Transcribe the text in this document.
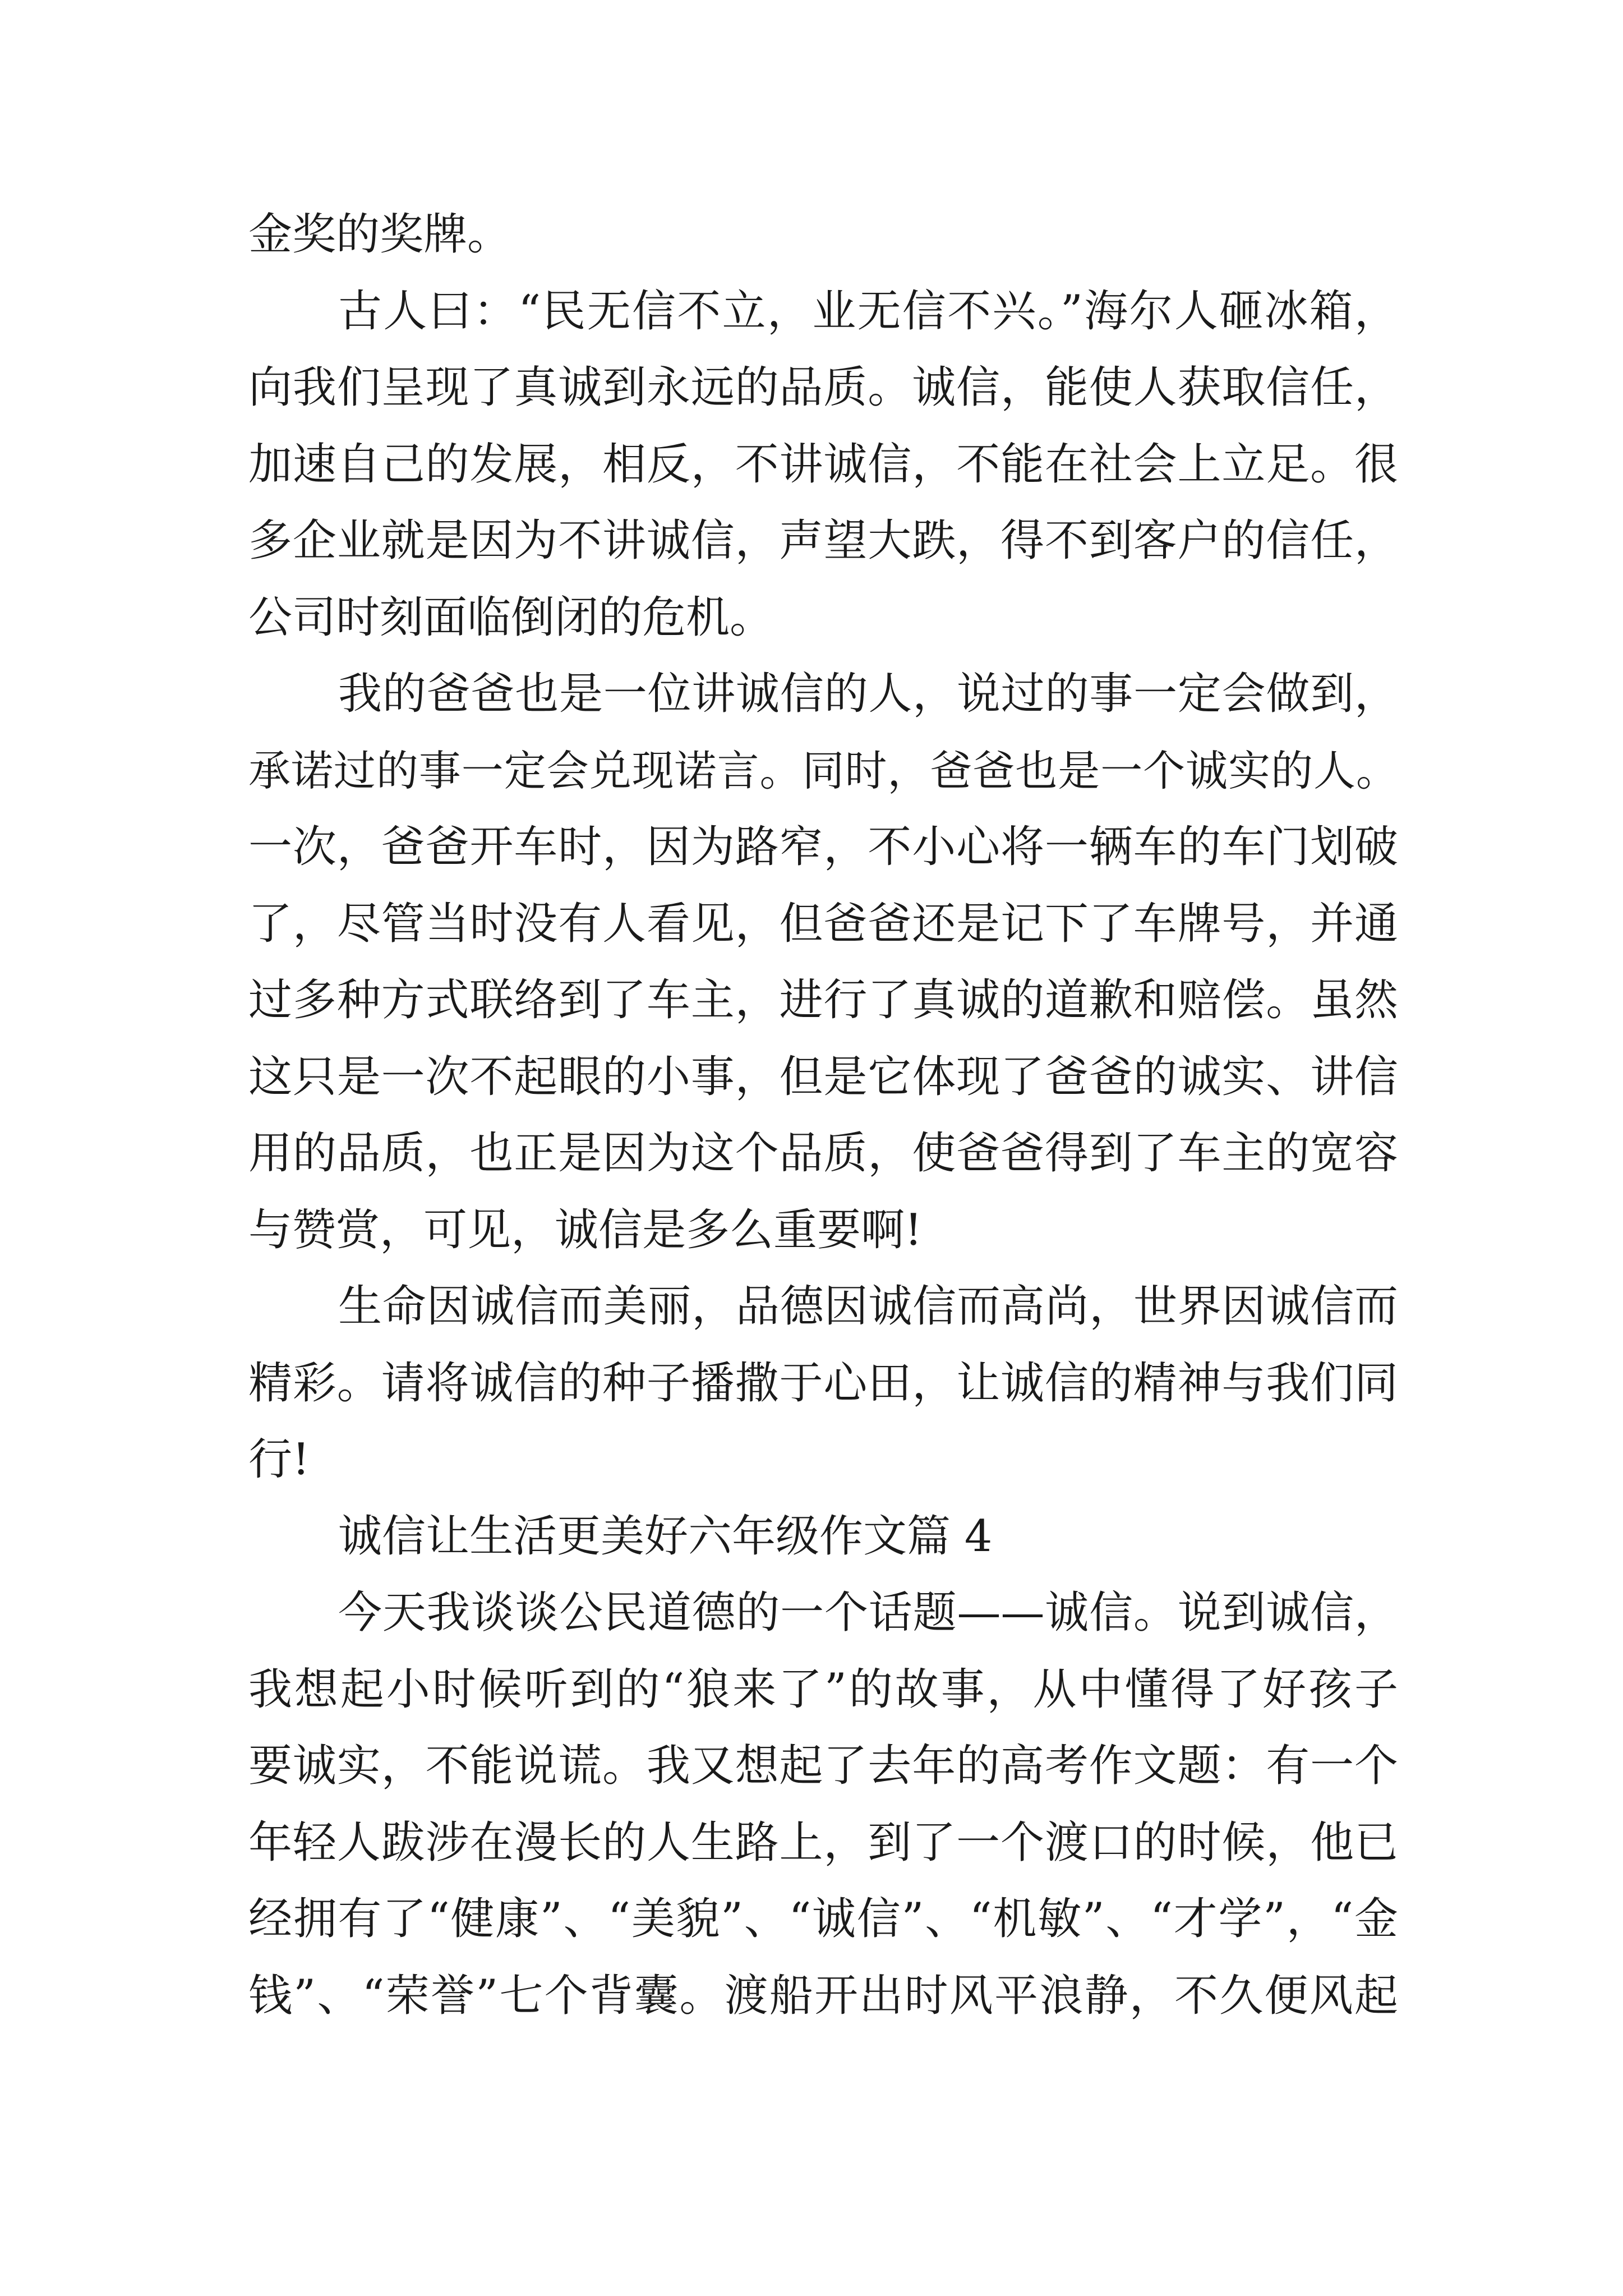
金奖的奖牌。
古人曰：“民无信不立，业无信不兴。”海尔人砸冰箱，
向我们呈现了真诚到永远的品质。诚信，能使人获取信任，
加速自己的发展，相反，不讲诚信，不能在社会上立足。很
多企业就是因为不讲诚信，声望大跌，得不到客户的信任，
公司时刻面临倒闭的危机。
我的爸爸也是一位讲诚信的人，说过的事一定会做到，
承诺过的事一定会兑现诺言。同时，爸爸也是一个诚实的人。
一次，爸爸开车时，因为路窄，不小心将一辆车的车门划破
了，尽管当时没有人看见，但爸爸还是记下了车牌号，并通
过多种方式联络到了车主，进行了真诚的道歉和赔偿。虽然
这只是一次不起眼的小事，但是它体现了爸爸的诚实、讲信
用的品质，也正是因为这个品质，使爸爸得到了车主的宽容
与赞赏，可见，诚信是多么重要啊!
生命因诚信而美丽，品德因诚信而高尚，世界因诚信而
精彩。请将诚信的种子播撒于心田，让诚信的精神与我们同
行!
诚信让生活更美好六年级作文篇 4
今天我谈谈公民道德的一个话题——诚信。说到诚信，
我想起小时候听到的“狼来了”的故事，从中懂得了好孩子
要诚实，不能说谎。我又想起了去年的高考作文题：有一个
年轻人跋涉在漫长的人生路上，到了一个渡口的时候，他已
经拥有了“健康”、“美貌”、“诚信”、“机敏”、“才学”，“金
钱”、“荣誉”七个背囊。渡船开出时风平浪静，不久便风起
